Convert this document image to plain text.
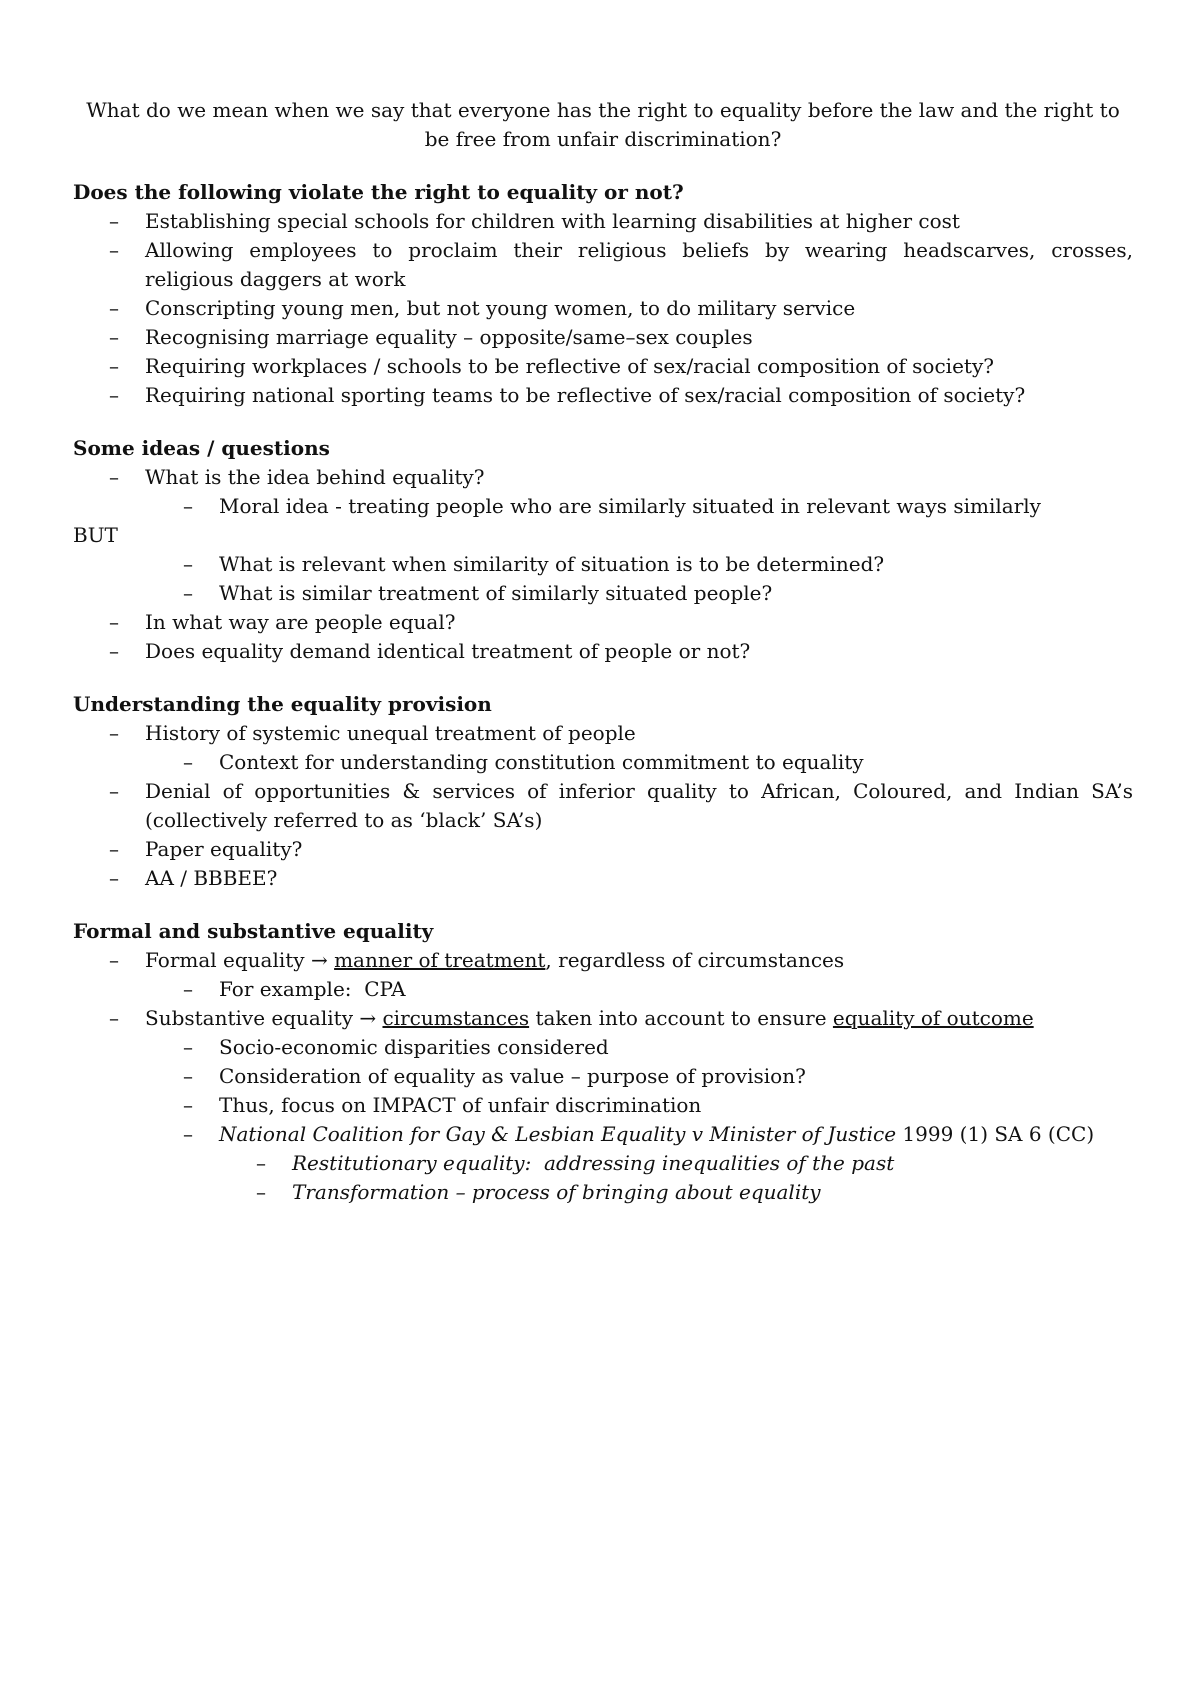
What do we mean when we say that everyone has the right to equality before the law and the right to be free from unfair discrimination?

Does the following violate the right to equality or not?

– Establishing special schools for children with learning disabilities at higher cost
– Allowing employees to proclaim their religious beliefs by wearing headscarves, crosses, religious daggers at work
– Conscripting young men, but not young women, to do military service
– Recognising marriage equality – opposite/same–sex couples
– Requiring workplaces / schools to be reflective of sex/racial composition of society?
– Requiring national sporting teams to be reflective of sex/racial composition of society?

Some ideas / questions

– What is the idea behind equality?
– Moral idea - treating people who are similarly situated in relevant ways similarly

BUT

– What is relevant when similarity of situation is to be determined?
– What is similar treatment of similarly situated people?
– In what way are people equal?
– Does equality demand identical treatment of people or not?

Understanding the equality provision

– History of systemic unequal treatment of people
– Context for understanding constitution commitment to equality
– Denial of opportunities & services of inferior quality to African, Coloured, and Indian SA’s (collectively referred to as ‘black’ SA’s)
– Paper equality?
– AA / BBBEE?

Formal and substantive equality

– Formal equality → manner of treatment, regardless of circumstances
– For example:  CPA
– Substantive equality → circumstances taken into account to ensure equality of outcome
– Socio-economic disparities considered
– Consideration of equality as value – purpose of provision?
– Thus, focus on IMPACT of unfair discrimination
– National Coalition for Gay & Lesbian Equality v Minister of Justice 1999 (1) SA 6 (CC)
– Restitutionary equality:  addressing inequalities of the past
– Transformation – process of bringing about equality
